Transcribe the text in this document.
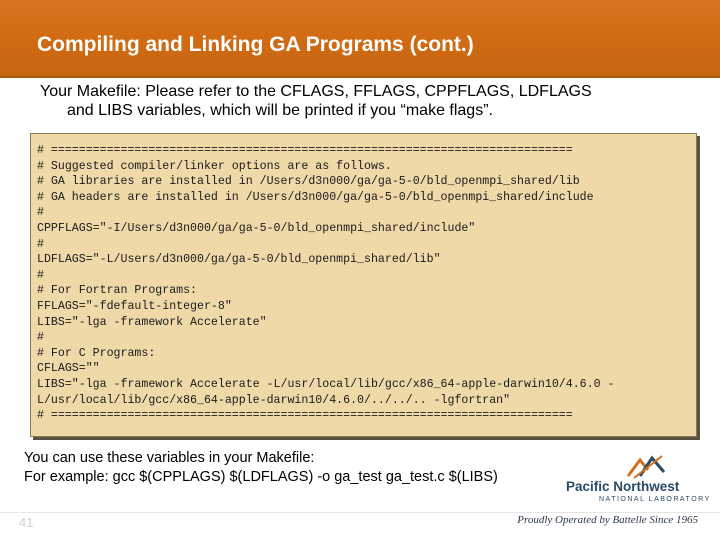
Compiling and Linking GA Programs (cont.)
Your Makefile: Please refer to the CFLAGS, FFLAGS, CPPFLAGS, LDFLAGS
and LIBS variables, which will be printed if you “make flags”.
# ===========================================================================
# Suggested compiler/linker options are as follows.
# GA libraries are installed in /Users/d3n000/ga/ga-5-0/bld_openmpi_shared/lib
# GA headers are installed in /Users/d3n000/ga/ga-5-0/bld_openmpi_shared/include
#
CPPFLAGS="-I/Users/d3n000/ga/ga-5-0/bld_openmpi_shared/include"
#
LDFLAGS="-L/Users/d3n000/ga/ga-5-0/bld_openmpi_shared/lib"
#
# For Fortran Programs:
FFLAGS="-fdefault-integer-8"
LIBS="-lga -framework Accelerate"
#
# For C Programs:
CFLAGS=""
LIBS="-lga -framework Accelerate -L/usr/local/lib/gcc/x86_64-apple-darwin10/4.6.0 -
L/usr/local/lib/gcc/x86_64-apple-darwin10/4.6.0/../../.. -lgfortran"
# ===========================================================================
You can use these variables in your Makefile:
For example: gcc $(CPPLAGS) $(LDFLAGS) -o ga_test ga_test.c $(LIBS)
Pacific Northwest
NATIONAL LABORATORY
41	Proudly Operated by Battelle Since 1965
